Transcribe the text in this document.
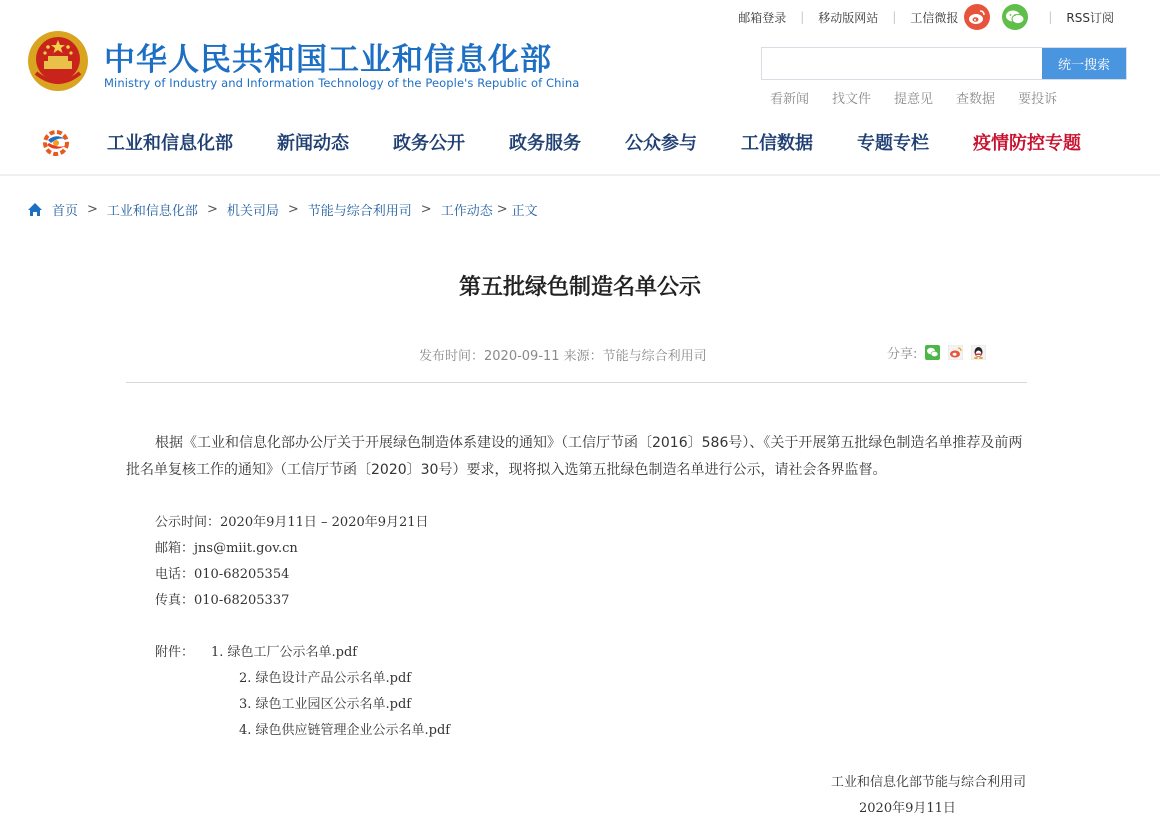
邮箱登录 | 移动版网站 | 工信微报	| RSS订阅
中华人民共和国工业和信息化部
Ministry of Industry and Information Technology of the People's Republic of China
统一搜索
看新闻 找文件 提意见 查数据 要投诉
工业和信息化部 新闻动态 政务公开 政务服务 公众参与 工信数据 专题专栏 疫情防控专题
首页 > 工业和信息化部 > 机关司局 > 节能与综合利用司 > 工作动态 > 正文
第五批绿色制造名单公示
发布时间：2020-09-11 来源：节能与综合利用司	分享:

根据《工业和信息化部办公厅关于开展绿色制造体系建设的通知》（工信厅节函〔2016〕586号）、《关于开展第五批绿色制造名单推荐及前两批名单复核工作的通知》（工信厅节函〔2020〕30号）要求，现将拟入选第五批绿色制造名单进行公示，请社会各界监督。

公示时间：2020年9月11日 – 2020年9月21日
邮箱：jns@miit.gov.cn
电话：010-68205354
传真：010-68205337
附件： 1. 绿色工厂公示名单.pdf
2. 绿色设计产品公示名单.pdf
3. 绿色工业园区公示名单.pdf
4. 绿色供应链管理企业公示名单.pdf
工业和信息化部节能与综合利用司
2020年9月11日
